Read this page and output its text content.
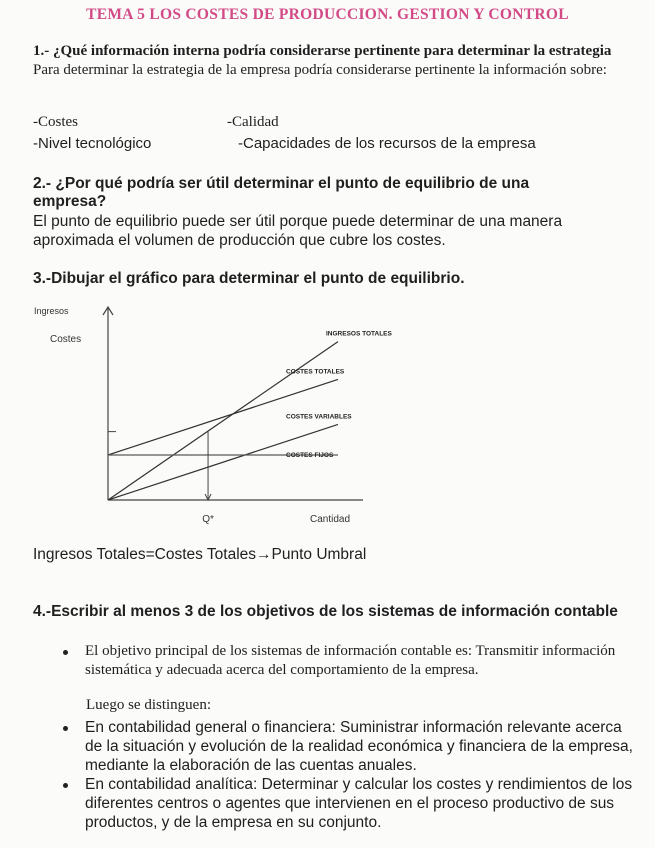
TEMA 5 LOS COSTES DE PRODUCCION. GESTION Y CONTROL
1.- ¿Qué información interna podría considerarse pertinente para determinar la estrategia Para determinar la estrategia de la empresa podría considerarse pertinente la información sobre:
-Costes	-Calidad
-Nivel tecnológico	-Capacidades de los recursos de la empresa
2.- ¿Por qué podría ser útil determinar el punto de equilibrio de una empresa?
El punto de equilibrio puede ser útil porque puede determinar de una manera aproximada el volumen de producción que cubre los costes.
3.-Dibujar el gráfico para determinar el punto de equilibrio.
Ingresos
Costes	INGRESOS TOTALES
COSTES TOTALES
COSTES VARIABLES
COSTES FIJOS
Q*	Cantidad
Ingresos Totales=Costes Totales→Punto Umbral
4.-Escribir al menos 3 de los objetivos de los sistemas de información contable
El objetivo principal de los sistemas de información contable es: Transmitir información sistemática y adecuada acerca del comportamiento de la empresa.
Luego se distinguen:
En contabilidad general o financiera: Suministrar información relevante acerca de la situación y evolución de la realidad económica y financiera de la empresa, mediante la elaboración de las cuentas anuales.
En contabilidad analítica: Determinar y calcular los costes y rendimientos de los diferentes centros o agentes que intervienen en el proceso productivo de sus productos, y de la empresa en su conjunto.
